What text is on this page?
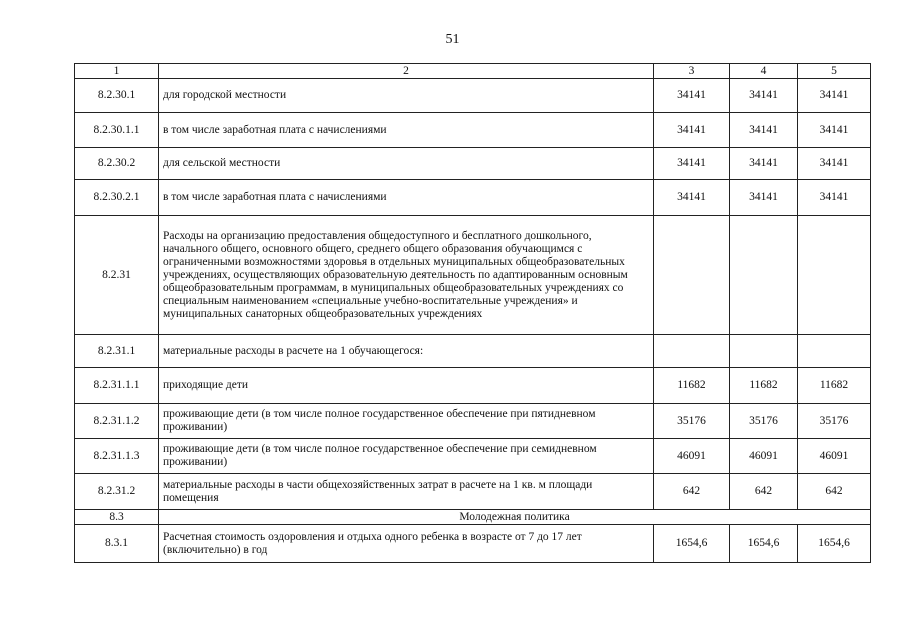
51
1	2	3	4	5
8.2.30.1	для городской местности	34141	34141	34141
8.2.30.1.1	в том числе заработная плата с начислениями	34141	34141	34141
8.2.30.2	для сельской местности	34141	34141	34141
8.2.30.2.1	в том числе заработная плата с начислениями	34141	34141	34141
8.2.31	Расходы на организацию предоставления общедоступного и бесплатного дошкольного, начального общего, основного общего, среднего общего образования обучающимся с ограниченными возможностями здоровья в отдельных муниципальных общеобразовательных учреждениях, осуществляющих образовательную деятельность по адаптированным основным общеобразовательным программам, в муниципальных общеобразовательных учреждениях со специальным наименованием «специальные учебно-воспитательные учреждения» и муниципальных санаторных общеобразовательных учреждениях			
8.2.31.1	материальные расходы в расчете на 1 обучающегося:			
8.2.31.1.1	приходящие дети	11682	11682	11682
8.2.31.1.2	проживающие дети (в том числе полное государственное обеспечение при пятидневном проживании)	35176	35176	35176
8.2.31.1.3	проживающие дети (в том числе полное государственное обеспечение при семидневном проживании)	46091	46091	46091
8.2.31.2	материальные расходы в части общехозяйственных затрат в расчете на 1 кв. м площади помещения	642	642	642
8.3	Молодежная политика			
8.3.1	Расчетная стоимость оздоровления и отдыха одного ребенка в возрасте от 7 до 17 лет (включительно) в год	1654,6	1654,6	1654,6
